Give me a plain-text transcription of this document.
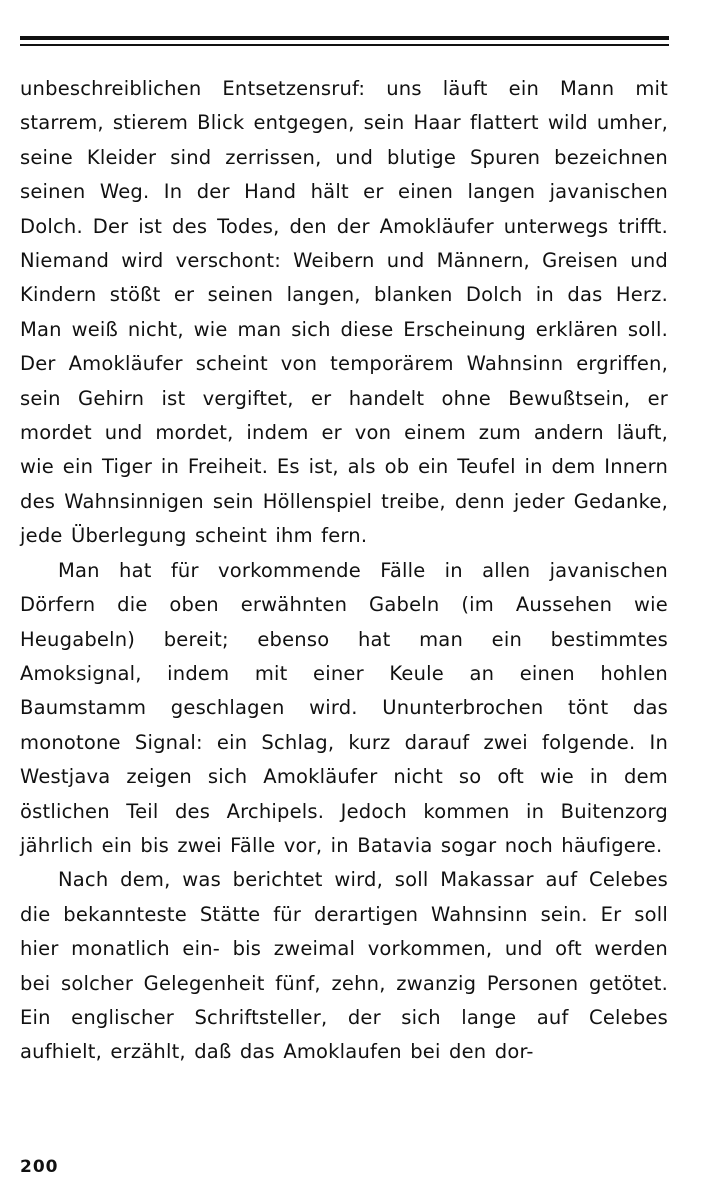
unbeschreiblichen Entsetzensruf: uns läuft ein Mann mit starrem, stierem Blick entgegen, sein Haar flattert wild umher, seine Kleider sind zerrissen, und blutige Spuren bezeichnen seinen Weg. In der Hand hält er einen langen javanischen Dolch. Der ist des Todes, den der Amokläufer unterwegs trifft. Niemand wird verschont: Weibern und Männern, Greisen und Kindern stößt er seinen langen, blanken Dolch in das Herz. Man weiß nicht, wie man sich diese Erscheinung erklären soll. Der Amokläufer scheint von temporärem Wahnsinn ergriffen, sein Gehirn ist vergiftet, er handelt ohne Bewußtsein, er mordet und mordet, indem er von einem zum andern läuft, wie ein Tiger in Freiheit. Es ist, als ob ein Teufel in dem Innern des Wahnsinnigen sein Höllenspiel treibe, denn jeder Gedanke, jede Überlegung scheint ihm fern.

Man hat für vorkommende Fälle in allen javanischen Dörfern die oben erwähnten Gabeln (im Aussehen wie Heugabeln) bereit; ebenso hat man ein bestimmtes Amoksignal, indem mit einer Keule an einen hohlen Baumstamm geschlagen wird. Ununterbrochen tönt das monotone Signal: ein Schlag, kurz darauf zwei folgende. In Westjava zeigen sich Amokläufer nicht so oft wie in dem östlichen Teil des Archipels. Jedoch kommen in Buitenzorg jährlich ein bis zwei Fälle vor, in Batavia sogar noch häufigere.

Nach dem, was berichtet wird, soll Makassar auf Celebes die bekannteste Stätte für derartigen Wahnsinn sein. Er soll hier monatlich ein- bis zweimal vorkommen, und oft werden bei solcher Gelegenheit fünf, zehn, zwanzig Personen getötet. Ein englischer Schriftsteller, der sich lange auf Celebes aufhielt, erzählt, daß das Amoklaufen bei den dor-

200
